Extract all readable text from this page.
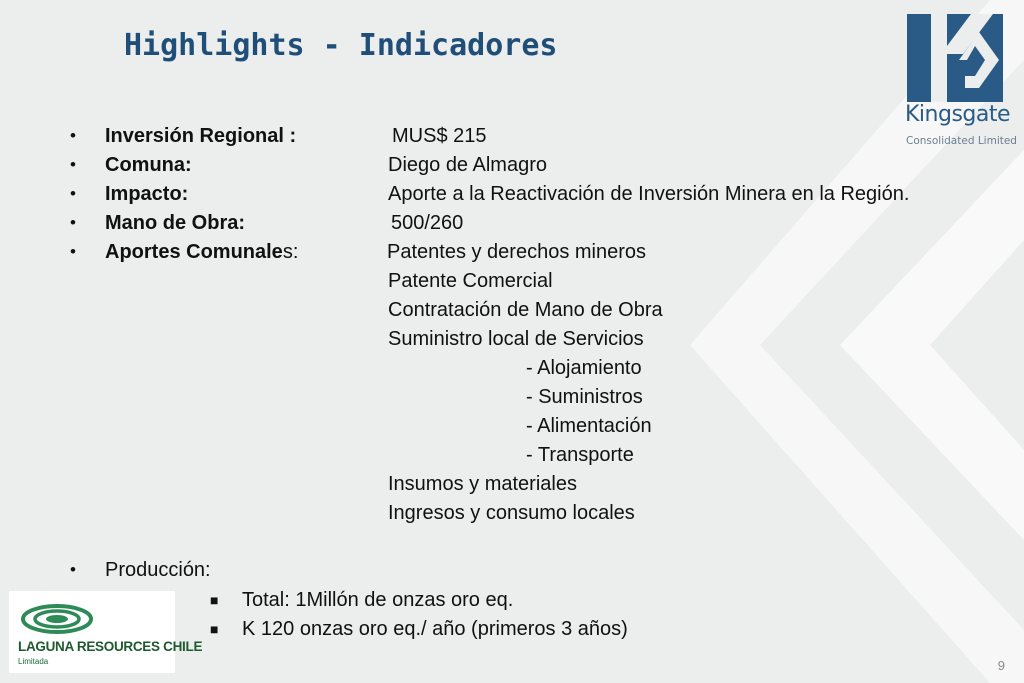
Highlights - Indicadores
Kingsgate
Consolidated Limited
• Inversión Regional :	MUS$ 215
• Comuna:	Diego de Almagro
• Impacto:	Aporte a la Reactivación de Inversión Minera en la Región.
• Mano de Obra:	500/260
• Aportes Comunales:	Patentes y derechos mineros
Patente Comercial
Contratación de Mano de Obra
Suministro local de Servicios
- Alojamiento
- Suministros
- Alimentación
- Transporte
Insumos y materiales
Ingresos y consumo locales
• Producción:
■ Total: 1Millón de onzas oro eq.
■ K 120 onzas oro eq./ año (primeros 3 años)
LAGUNA RESOURCES CHILE
Limitada	9
